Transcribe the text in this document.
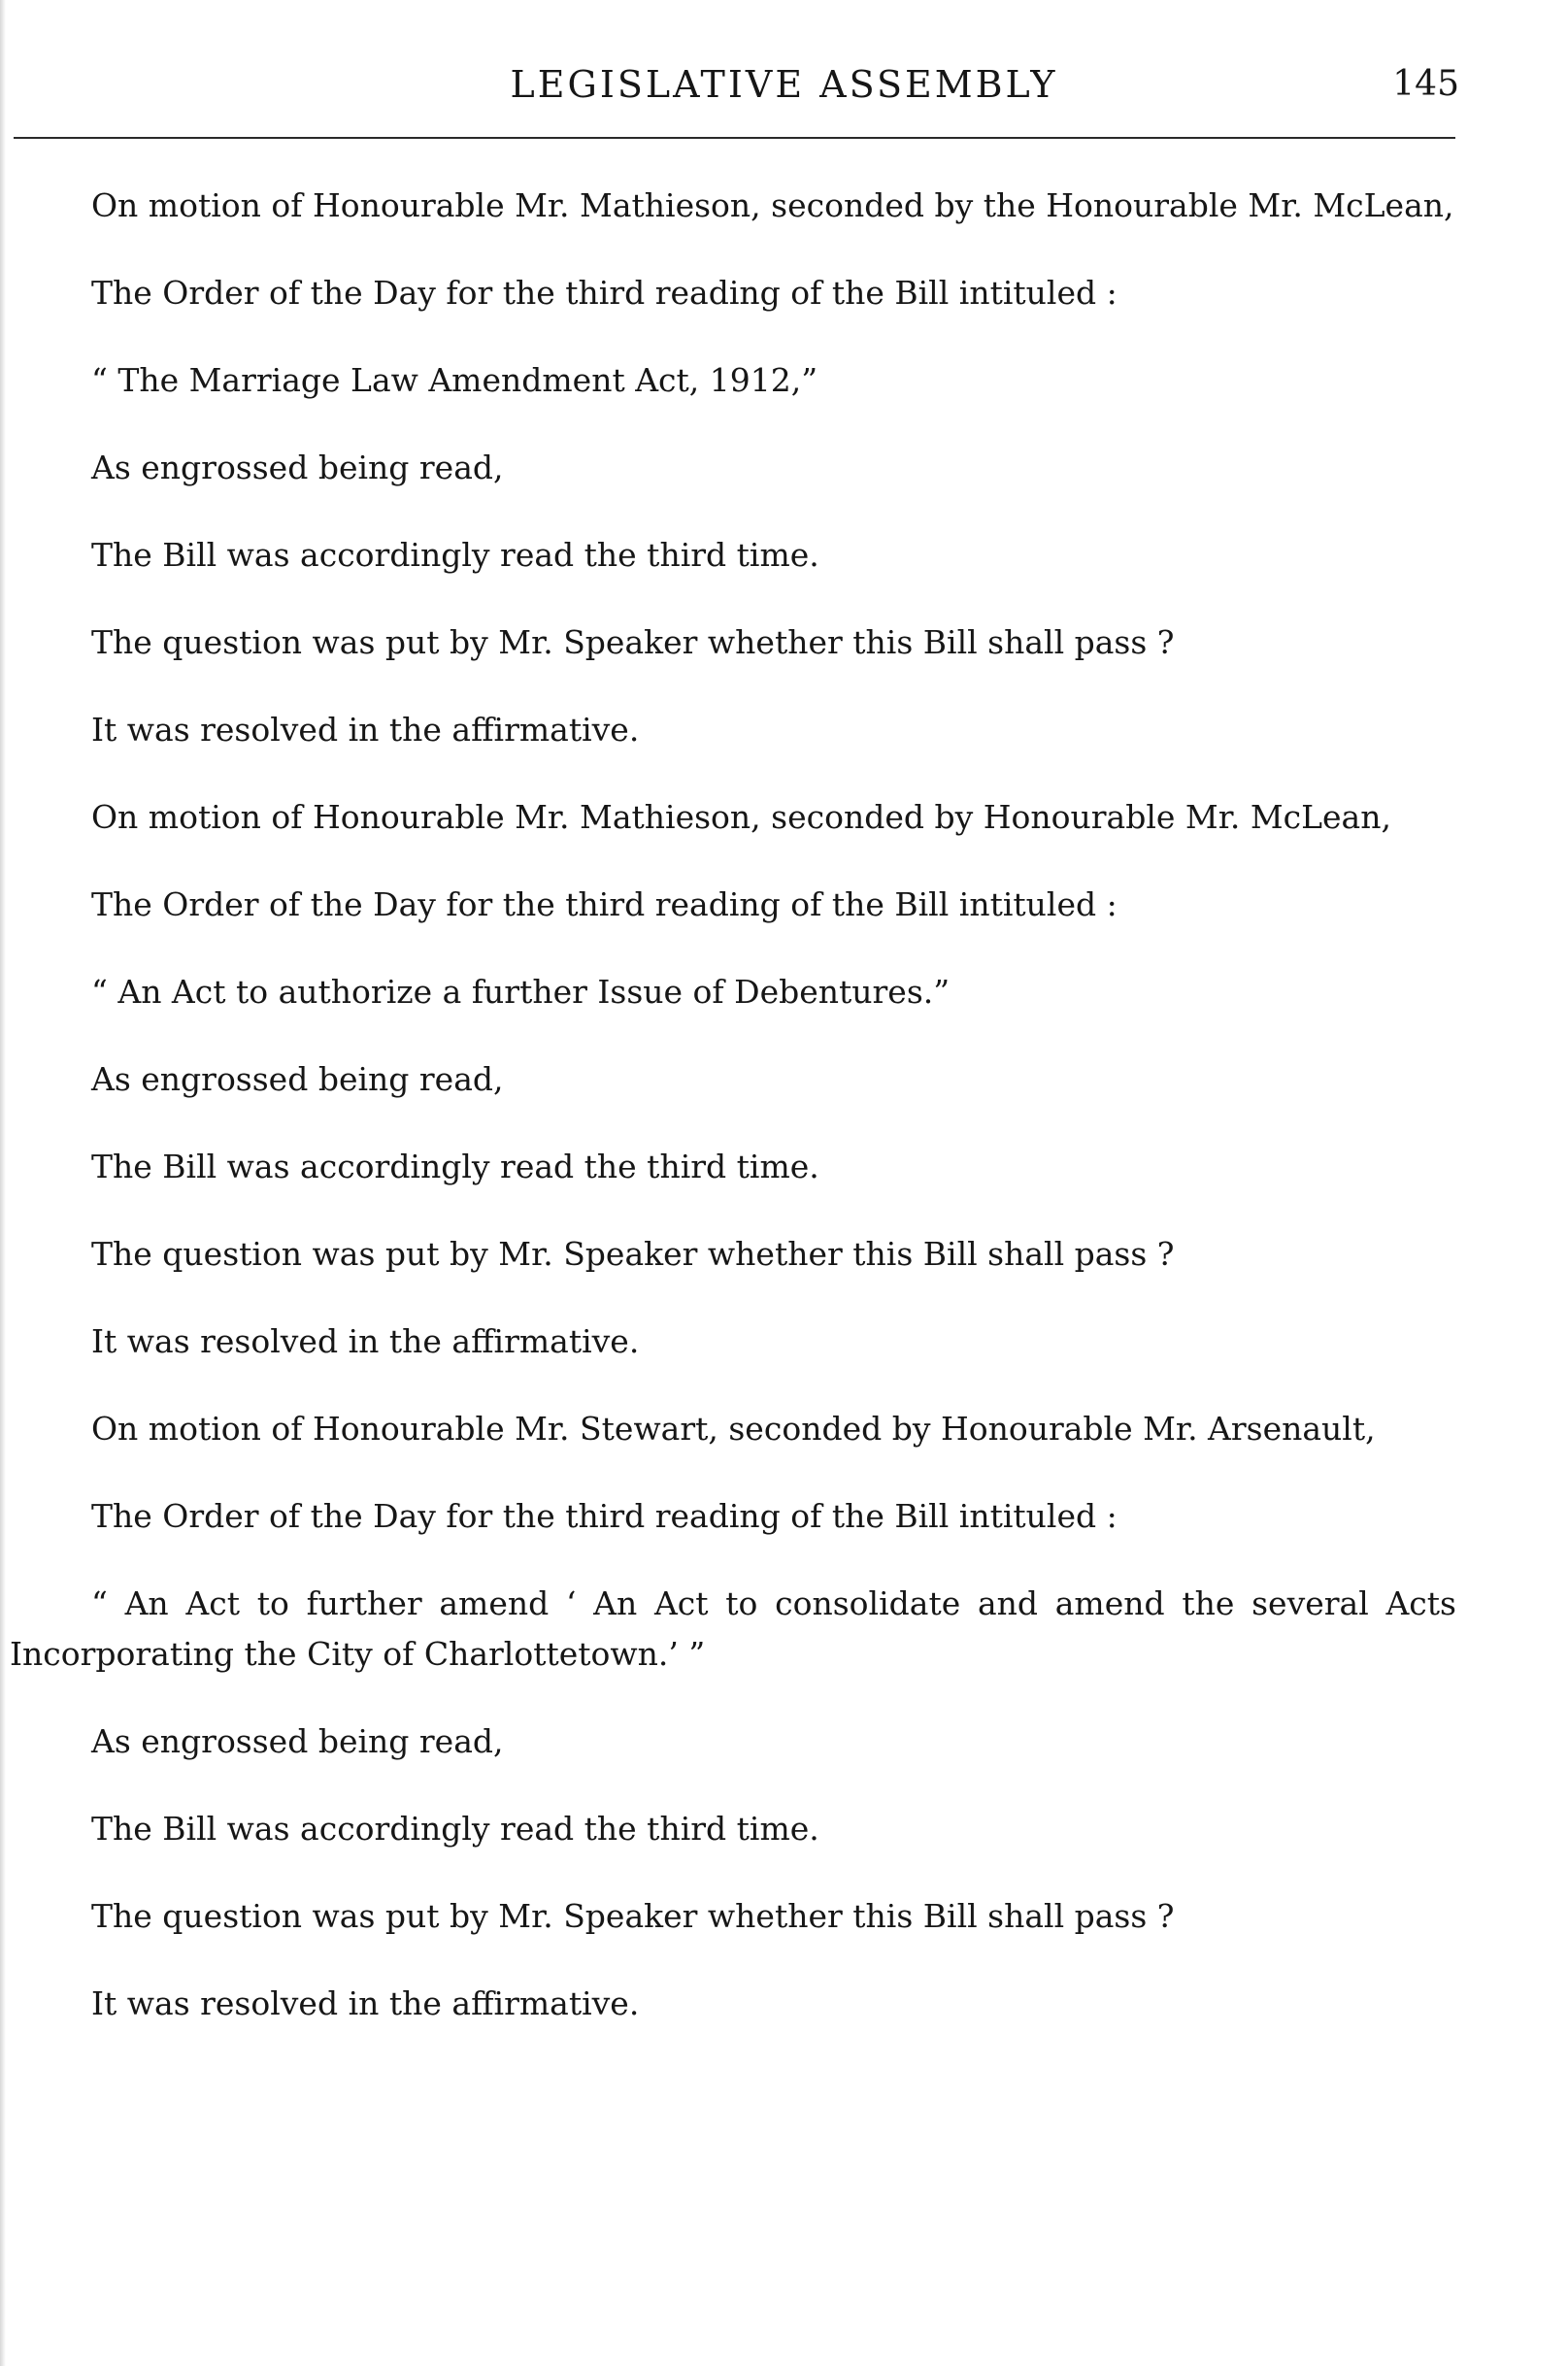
LEGISLATIVE ASSEMBLY	145

On motion of Honourable Mr. Mathieson, seconded by the Honourable Mr. McLean,

The Order of the Day for the third reading of the Bill intituled :

“ The Marriage Law Amendment Act, 1912,”

As engrossed being read,

The Bill was accordingly read the third time.

The question was put by Mr. Speaker whether this Bill shall pass ?

It was resolved in the affirmative.

On motion of Honourable Mr. Mathieson, seconded by Honourable Mr. McLean,

The Order of the Day for the third reading of the Bill intituled :

“ An Act to authorize a further Issue of Debentures.”

As engrossed being read,

The Bill was accordingly read the third time.

The question was put by Mr. Speaker whether this Bill shall pass ?

It was resolved in the affirmative.

On motion of Honourable Mr. Stewart, seconded by Honourable Mr. Arsenault,

The Order of the Day for the third reading of the Bill intituled :

“ An Act to further amend ‘ An Act to consolidate and amend the several Acts Incorporating the City of Charlottetown.’ ”

As engrossed being read,

The Bill was accordingly read the third time.

The question was put by Mr. Speaker whether this Bill shall pass ?

It was resolved in the affirmative.
